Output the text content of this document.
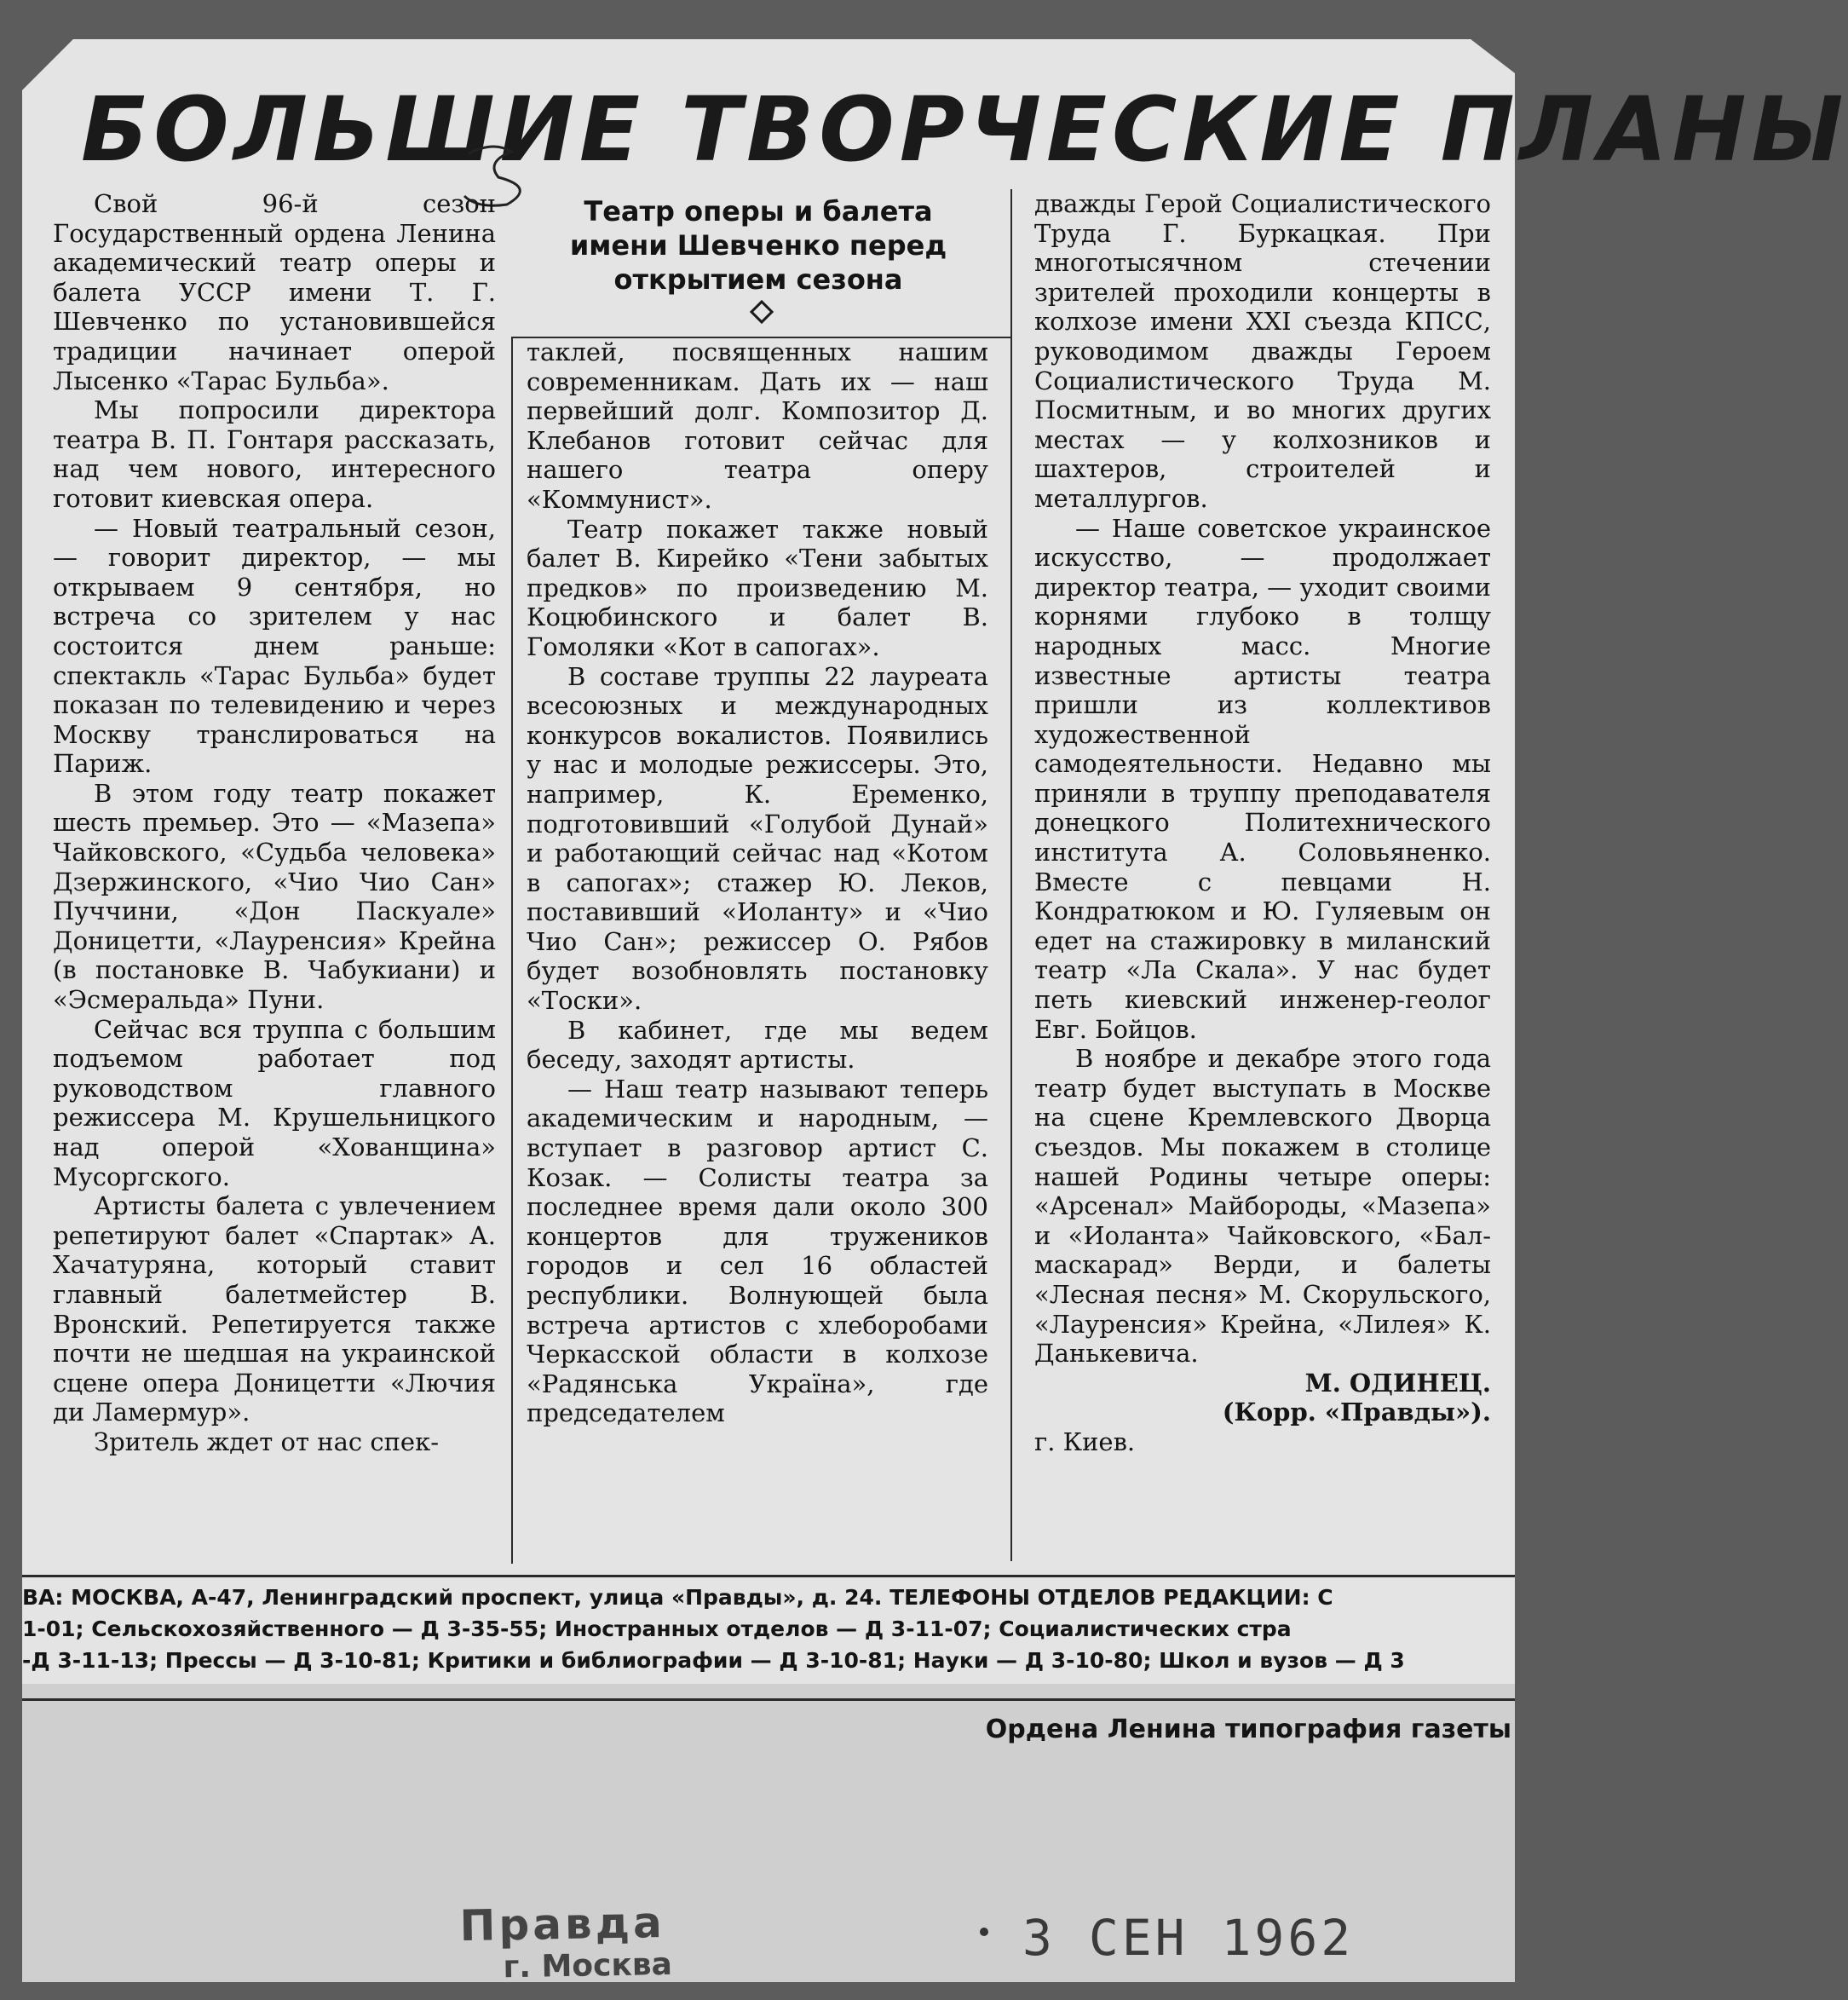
БОЛЬШИЕ ТВОРЧЕСКИЕ ПЛАНЫ
Театр оперы и балета
имени Шевченко перед
открытием сезона

Свой 96-й сезон Государственный ордена Ленина академический театр оперы и балета УССР имени Т. Г. Шевченко по установившейся традиции начинает оперой Лысенко «Тарас Бульба».

Мы попросили директора театра В. П. Гонтаря рассказать, над чем нового, интересного готовит киевская опера.

— Новый театральный сезон, — говорит директор, — мы открываем 9 сентября, но встреча со зрителем у нас состоится днем раньше: спектакль «Тарас Бульба» будет показан по телевидению и через Москву транслироваться на Париж.

В этом году театр покажет шесть премьер. Это — «Мазепа» Чайковского, «Судьба человека» Дзержинского, «Чио Чио Сан» Пуччини, «Дон Паскуале» Доницетти, «Лауренсия» Крейна (в постановке В. Чабукиани) и «Эсмеральда» Пуни.

Сейчас вся труппа с большим подъемом работает под руководством главного режиссера М. Крушельницкого над оперой «Хованщина» Мусоргского.

Артисты балета с увлечением репетируют балет «Спартак» А. Хачатуряна, который ставит главный балетмейстер В. Вронский. Репетируется также почти не шедшая на украинской сцене опера Доницетти «Лючия ди Ламермур».

Зритель ждет от нас спек-

таклей, посвященных нашим современникам. Дать их — наш первейший долг. Композитор Д. Клебанов готовит сейчас для нашего театра оперу «Коммунист».

Театр покажет также новый балет В. Кирейко «Тени забытых предков» по произведению М. Коцюбинского и балет В. Гомоляки «Кот в сапогах».

В составе труппы 22 лауреата всесоюзных и международных конкурсов вокалистов. Появились у нас и молодые режиссеры. Это, например, К. Еременко, подготовивший «Голубой Дунай» и работающий сейчас над «Котом в сапогах»; стажер Ю. Леков, поставивший «Иоланту» и «Чио Чио Сан»; режиссер О. Рябов будет возобновлять постановку «Тоски».

В кабинет, где мы ведем беседу, заходят артисты.

— Наш театр называют теперь академическим и народным, — вступает в разговор артист С. Козак. — Солисты театра за последнее время дали около 300 концертов для тружеников городов и сел 16 областей республики. Волнующей была встреча артистов с хлеборобами Черкасской области в колхозе «Радянська Україна», где председателем

дважды Герой Социалистического Труда Г. Буркацкая. При многотысячном стечении зрителей проходили концерты в колхозе имени XXI съезда КПСС, руководимом дважды Героем Социалистического Труда М. Посмитным, и во многих других местах — у колхозников и шахтеров, строителей и металлургов.

— Наше советское украинское искусство, — продолжает директор театра, — уходит своими корнями глубоко в толщу народных масс. Многие известные артисты театра пришли из коллективов художественной самодеятельности. Недавно мы приняли в труппу преподавателя донецкого Политехнического института А. Соловьяненко. Вместе с певцами Н. Кондратюком и Ю. Гуляевым он едет на стажировку в миланский театр «Ла Скала». У нас будет петь киевский инженер-геолог Евг. Бойцов.

В ноябре и декабре этого года театр будет выступать в Москве на сцене Кремлевского Дворца съездов. Мы покажем в столице нашей Родины четыре оперы: «Арсенал» Майбороды, «Мазепа» и «Иоланта» Чайковского, «Бал-маскарад» Верди, и балеты «Лесная песня» М. Скорульского, «Лауренсия» Крейна, «Лилея» К. Данькевича.

М. ОДИНЕЦ.

(Корр. «Правды»).

г. Киев.

ВА: МОСКВА, А-47, Ленинградский проспект, улица «Правды», д. 24. ТЕЛЕФОНЫ ОТДЕЛОВ РЕДАКЦИИ: С
1-01; Сельскохозяйственного — Д 3-35-55; Иностранных отделов — Д 3-11-07; Социалистических стра
-Д 3-11-13; Прессы — Д 3-10-81; Критики и библиографии — Д 3-10-81; Науки — Д 3-10-80; Школ и вузов — Д 3
Ордена Ленина типография газеты
Правда
г. Москва	3 СЕН 1962
